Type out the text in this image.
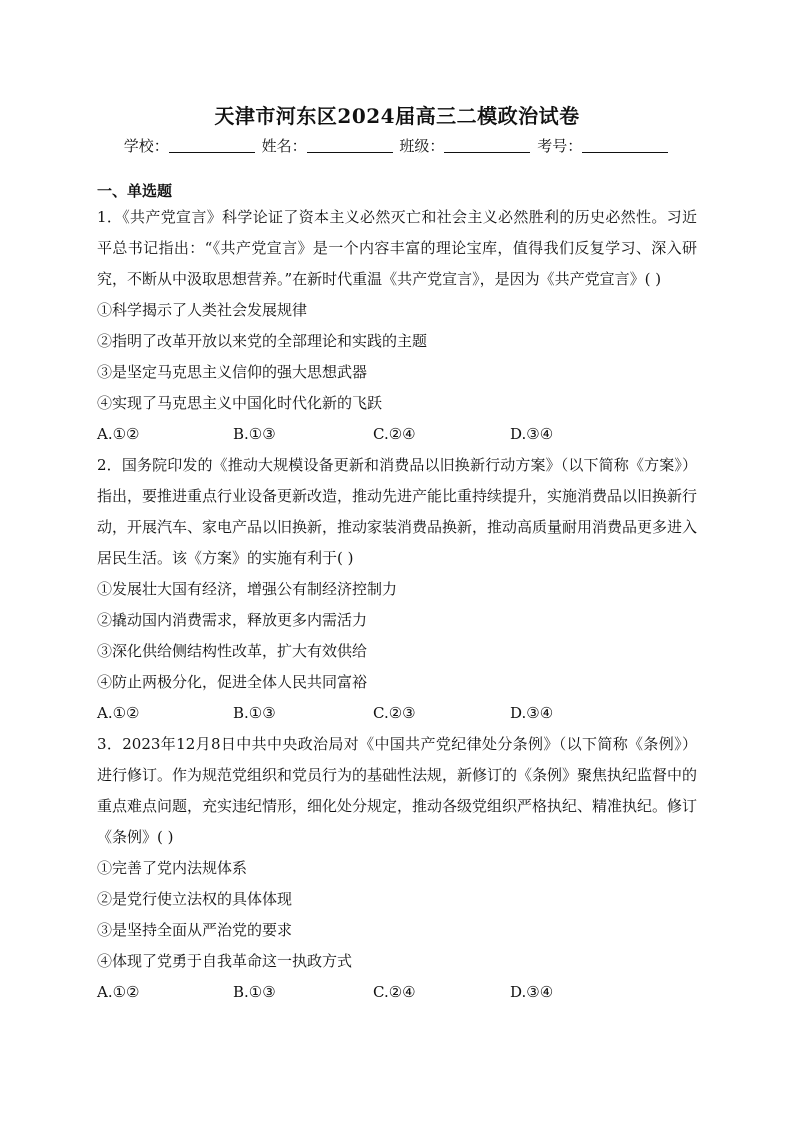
天津市河东区2024届高三二模政治试卷
学校：	姓名：	班级：	考号：
一、单选题
1．《共产党宣言》科学论证了资本主义必然灭亡和社会主义必然胜利的历史必然性。习近平总书记指出：“《共产党宣言》是一个内容丰富的理论宝库，值得我们反复学习、深入研究，不断从中汲取思想营养。”在新时代重温《共产党宣言》，是因为《共产党宣言》( )
①科学揭示了人类社会发展规律
②指明了改革开放以来党的全部理论和实践的主题
③是坚定马克思主义信仰的强大思想武器
④实现了马克思主义中国化时代化新的飞跃
A.①②	B.①③	C.②④	D.③④
2．国务院印发的《推动大规模设备更新和消费品以旧换新行动方案》（以下简称《方案》）指出，要推进重点行业设备更新改造，推动先进产能比重持续提升，实施消费品以旧换新行动，开展汽车、家电产品以旧换新，推动家装消费品换新，推动高质量耐用消费品更多进入居民生活。该《方案》的实施有利于( )
①发展壮大国有经济，增强公有制经济控制力
②撬动国内消费需求，释放更多内需活力
③深化供给侧结构性改革，扩大有效供给
④防止两极分化，促进全体人民共同富裕
A.①②	B.①③	C.②③	D.③④
3．2023年12月8日中共中央政治局对《中国共产党纪律处分条例》（以下简称《条例》）进行修订。作为规范党组织和党员行为的基础性法规，新修订的《条例》聚焦执纪监督中的重点难点问题，充实违纪情形，细化处分规定，推动各级党组织严格执纪、精准执纪。修订《条例》( )
①完善了党内法规体系
②是党行使立法权的具体体现
③是坚持全面从严治党的要求
④体现了党勇于自我革命这一执政方式
A.①②	B.①③	C.②④	D.③④
